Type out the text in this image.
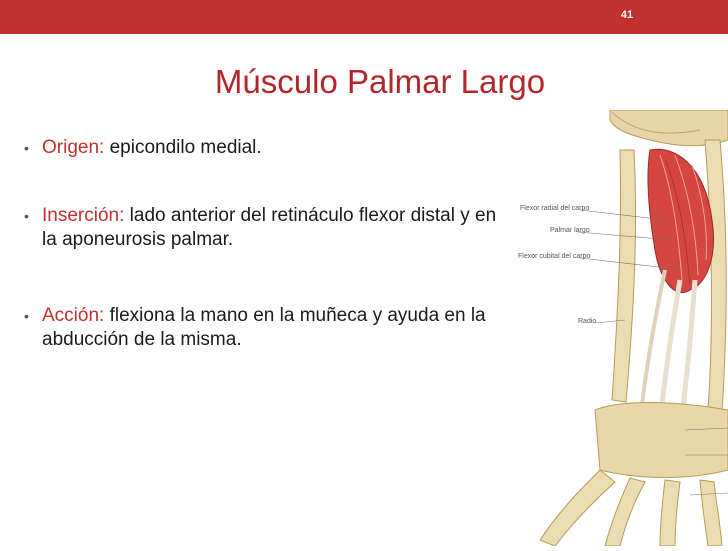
41
Músculo Palmar Largo
• Origen: epicondilo medial.
• Inserción: lado anterior del retináculo flexor distal y en la aponeurosis palmar.
• Acción: flexiona la mano en la muñeca y ayuda en la abducción de la misma.
Flexor radial del carpo
Palmar largo
Flexor cubital del carpo
Radio
